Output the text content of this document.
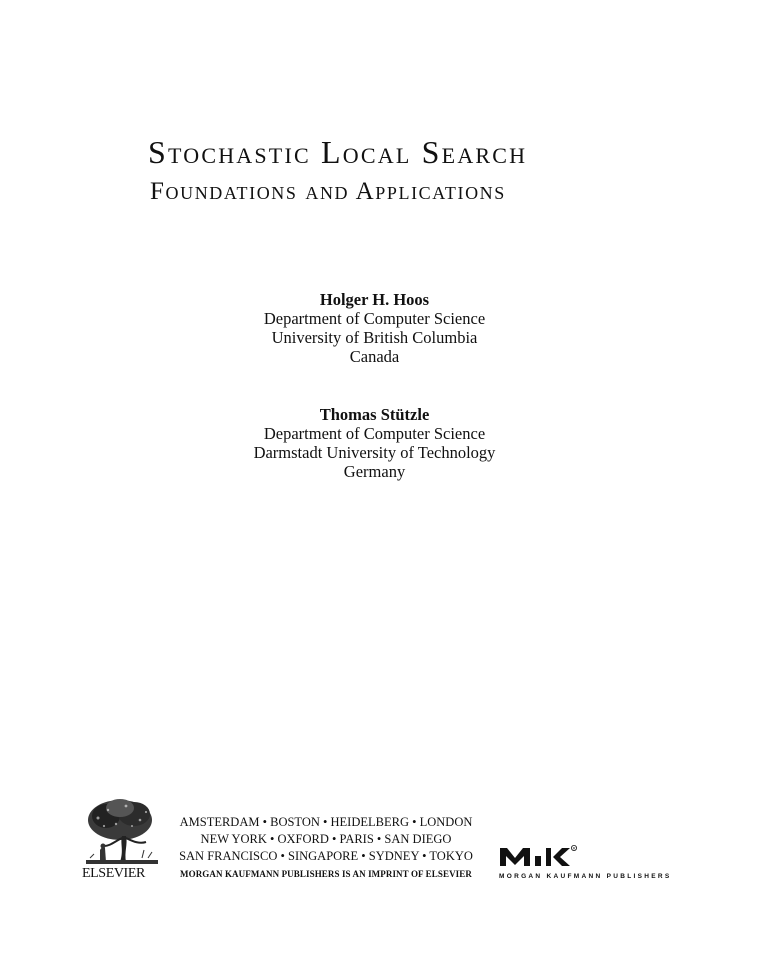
Stochastic Local Search
Foundations and Applications
Holger H. Hoos
Department of Computer Science
University of British Columbia
Canada
Thomas Stützle
Department of Computer Science
Darmstadt University of Technology
Germany
ELSEVIER
AMSTERDAM • BOSTON • HEIDELBERG • LONDON
NEW YORK • OXFORD • PARIS • SAN DIEGO
SAN FRANCISCO • SINGAPORE • SYDNEY • TOKYO
MORGAN KAUFMANN PUBLISHERS IS AN IMPRINT OF ELSEVIER
R
MORGAN KAUFMANN PUBLISHERS
